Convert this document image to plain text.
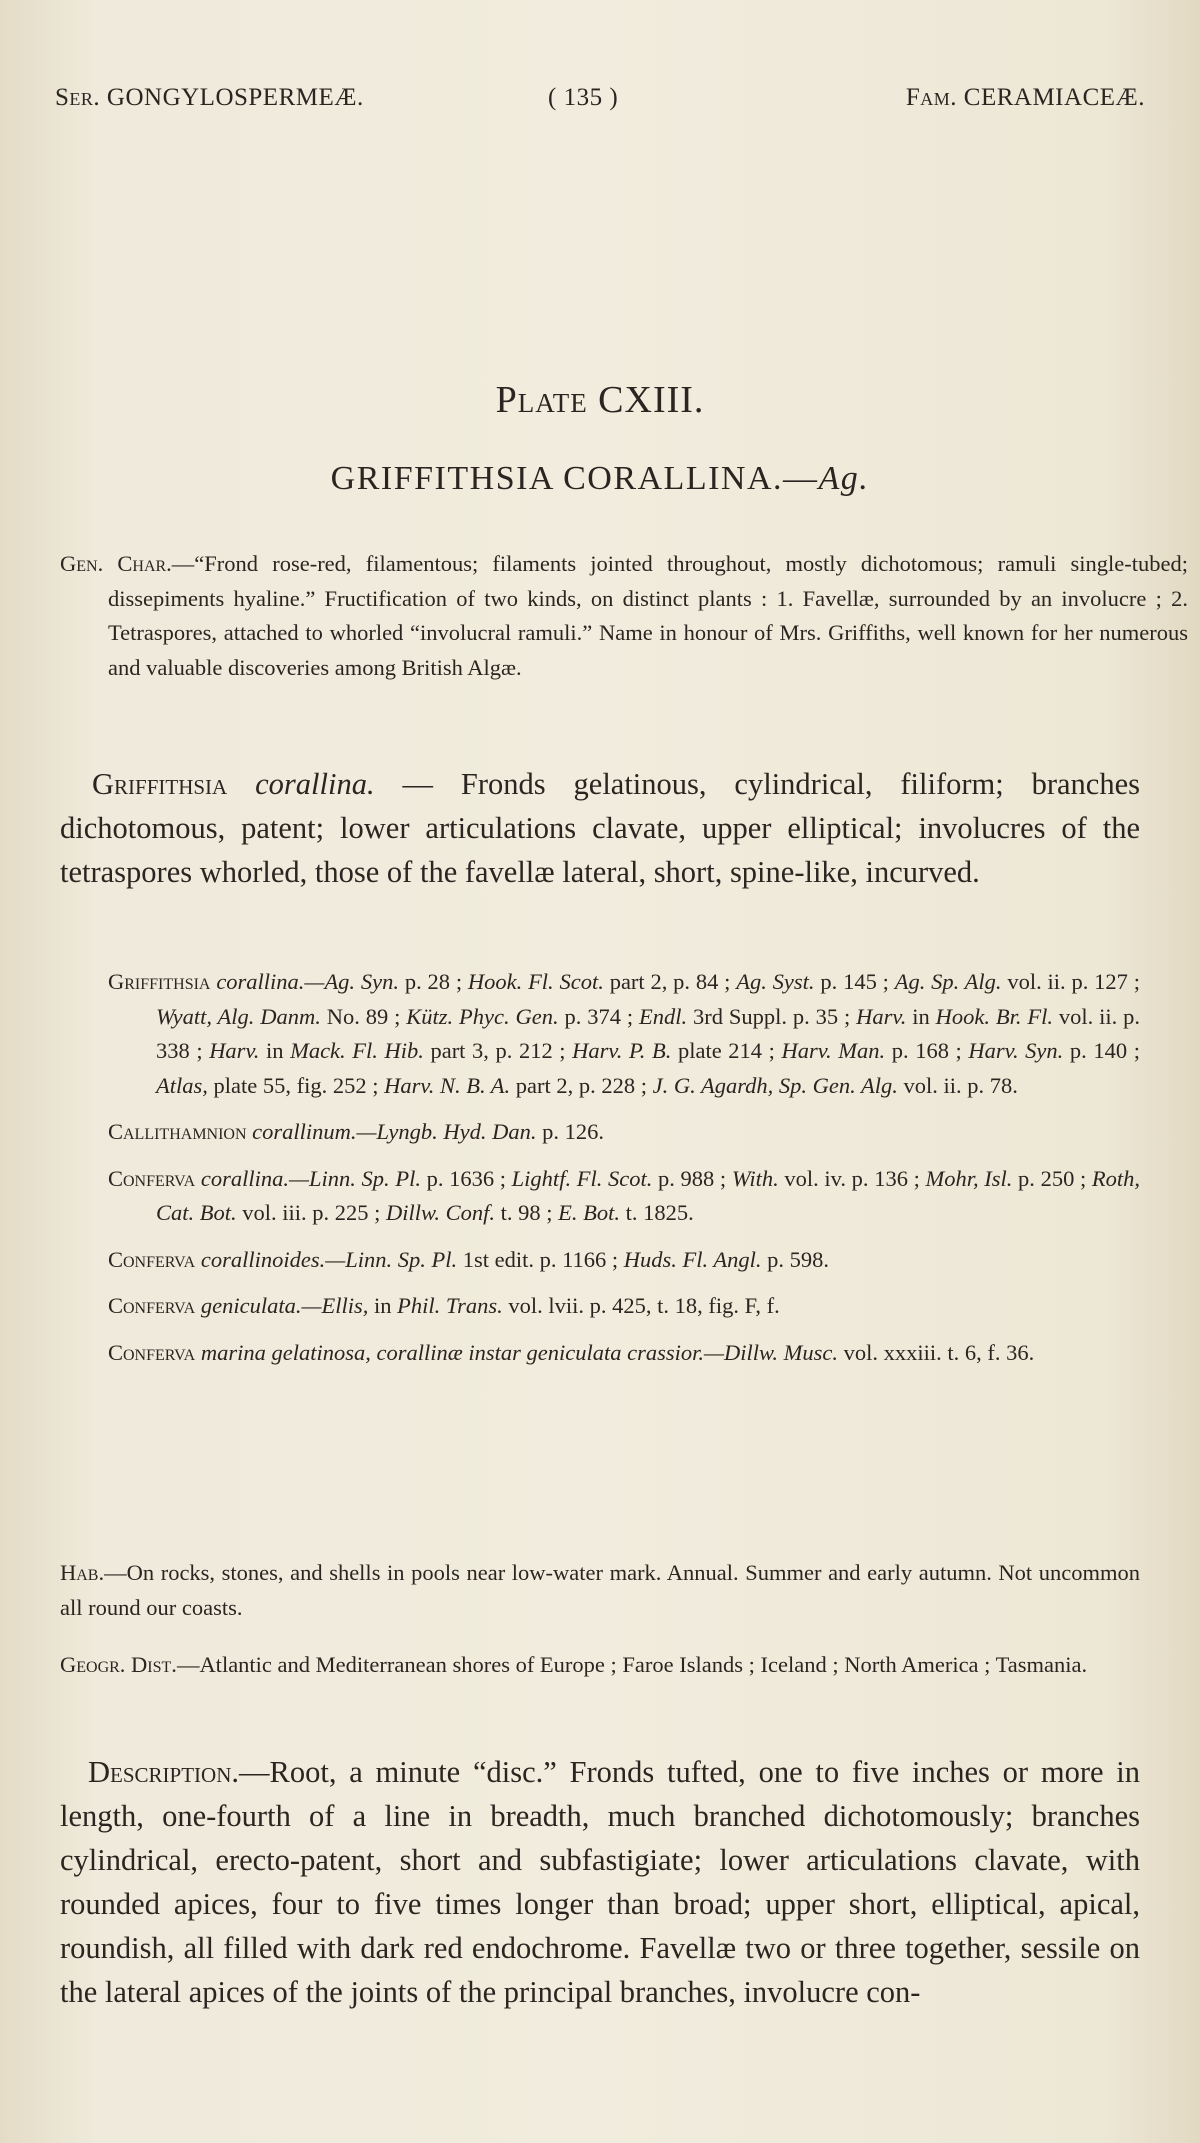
Ser. GONGYLOSPERMEÆ.	( 135 )	Fam. CERAMIACEÆ.
Plate CXIII.
GRIFFITHSIA CORALLINA.—Ag.
Gen. Char.—“Frond rose-red, filamentous; filaments jointed throughout, mostly dichotomous; ramuli single-tubed; dissepiments hyaline.” Fructification of two kinds, on distinct plants : 1. Favellæ, surrounded by an involucre ; 2. Tetraspores, attached to whorled “involucral ramuli.” Name in honour of Mrs. Griffiths, well known for her numerous and valuable discoveries among British Algæ.
Griffithsia corallina. — Fronds gelatinous, cylindrical, filiform; branches dichotomous, patent; lower articulations clavate, upper elliptical; involucres of the tetraspores whorled, those of the favellæ lateral, short, spine-like, incurved.
Griffithsia corallina.—Ag. Syn. p. 28 ; Hook. Fl. Scot. part 2, p. 84 ; Ag. Syst. p. 145 ; Ag. Sp. Alg. vol. ii. p. 127 ; Wyatt, Alg. Danm. No. 89 ; Kütz. Phyc. Gen. p. 374 ; Endl. 3rd Suppl. p. 35 ; Harv. in Hook. Br. Fl. vol. ii. p. 338 ; Harv. in Mack. Fl. Hib. part 3, p. 212 ; Harv. P. B. plate 214 ; Harv. Man. p. 168 ; Harv. Syn. p. 140 ; Atlas, plate 55, fig. 252 ; Harv. N. B. A. part 2, p. 228 ; J. G. Agardh, Sp. Gen. Alg. vol. ii. p. 78.
Callithamnion corallinum.—Lyngb. Hyd. Dan. p. 126.
Conferva corallina.—Linn. Sp. Pl. p. 1636 ; Lightf. Fl. Scot. p. 988 ; With. vol. iv. p. 136 ; Mohr, Isl. p. 250 ; Roth, Cat. Bot. vol. iii. p. 225 ; Dillw. Conf. t. 98 ; E. Bot. t. 1825.
Conferva corallinoides.—Linn. Sp. Pl. 1st edit. p. 1166 ; Huds. Fl. Angl. p. 598.
Conferva geniculata.—Ellis, in Phil. Trans. vol. lvii. p. 425, t. 18, fig. F, f.
Conferva marina gelatinosa, corallinæ instar geniculata crassior.—Dillw. Musc. vol. xxxiii. t. 6, f. 36.
Hab.—On rocks, stones, and shells in pools near low-water mark. Annual. Summer and early autumn. Not uncommon all round our coasts.
Geogr. Dist.—Atlantic and Mediterranean shores of Europe ; Faroe Islands ; Iceland ; North America ; Tasmania.
Description.—Root, a minute “disc.” Fronds tufted, one to five inches or more in length, one-fourth of a line in breadth, much branched dichotomously; branches cylindrical, erecto-patent, short and subfastigiate; lower articulations clavate, with rounded apices, four to five times longer than broad; upper short, elliptical, apical, roundish, all filled with dark red endochrome. Favellæ two or three together, sessile on the lateral apices of the joints of the principal branches, involucre con-
